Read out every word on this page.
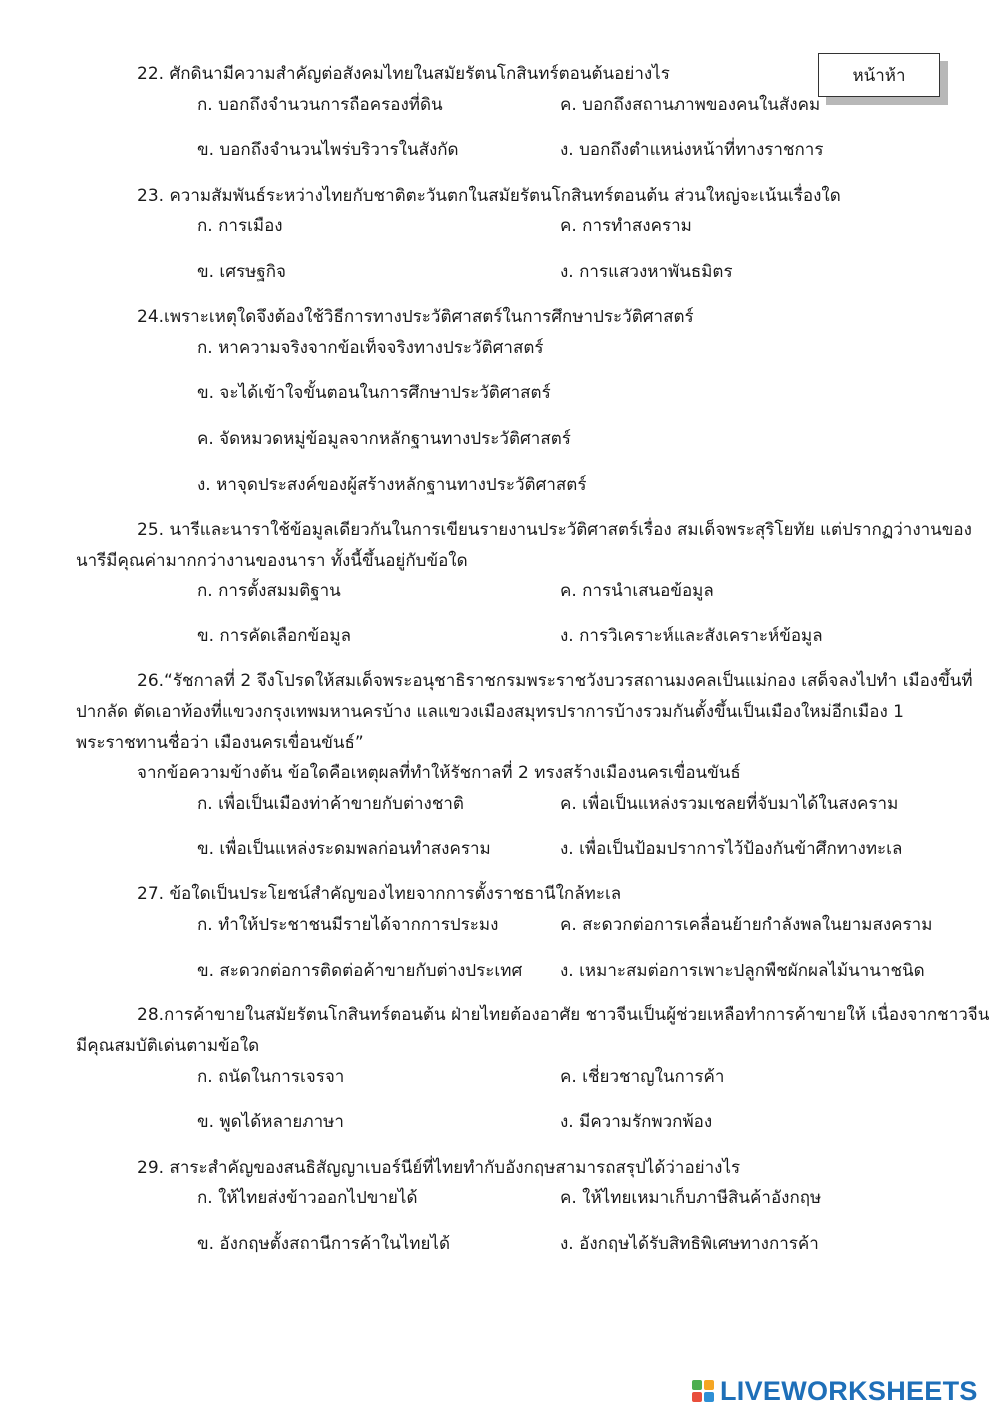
หน้าห้า
22. ศักดินามีความสำคัญต่อสังคมไทยในสมัยรัตนโกสินทร์ตอนต้นอย่างไร
ก. บอกถึงจำนวนการถือครองที่ดิน	ค. บอกถึงสถานภาพของคนในสังคม
ข. บอกถึงจำนวนไพร่บริวารในสังกัด	ง. บอกถึงตำแหน่งหน้าที่ทางราชการ
23. ความสัมพันธ์ระหว่างไทยกับชาติตะวันตกในสมัยรัตนโกสินทร์ตอนต้น ส่วนใหญ่จะเน้นเรื่องใด
ก. การเมือง	ค. การทำสงคราม
ข. เศรษฐกิจ	ง. การแสวงหาพันธมิตร
24.เพราะเหตุใดจึงต้องใช้วิธีการทางประวัติศาสตร์ในการศึกษาประวัติศาสตร์
ก. หาความจริงจากข้อเท็จจริงทางประวัติศาสตร์
ข. จะได้เข้าใจขั้นตอนในการศึกษาประวัติศาสตร์
ค. จัดหมวดหมู่ข้อมูลจากหลักฐานทางประวัติศาสตร์
ง. หาจุดประสงค์ของผู้สร้างหลักฐานทางประวัติศาสตร์
25. นารีและนาราใช้ข้อมูลเดียวกันในการเขียนรายงานประวัติศาสตร์เรื่อง สมเด็จพระสุริโยทัย แต่ปรากฏว่างานของ
นารีมีคุณค่ามากกว่างานของนารา ทั้งนี้ขึ้นอยู่กับข้อใด
ก. การตั้งสมมติฐาน	ค. การนำเสนอข้อมูล
ข. การคัดเลือกข้อมูล	ง. การวิเคราะห์และสังเคราะห์ข้อมูล
26.“รัชกาลที่ 2 จึงโปรดให้สมเด็จพระอนุชาธิราชกรมพระราชวังบวรสถานมงคลเป็นแม่กอง เสด็จลงไปทำ เมืองขึ้นที่
ปากลัด ตัดเอาท้องที่แขวงกรุงเทพมหานครบ้าง แลแขวงเมืองสมุทรปราการบ้างรวมกันตั้งขึ้นเป็นเมืองใหม่อีกเมือง 1
พระราชทานชื่อว่า เมืองนครเขื่อนขันธ์”
จากข้อความข้างต้น ข้อใดคือเหตุผลที่ทำให้รัชกาลที่ 2 ทรงสร้างเมืองนครเขื่อนขันธ์
ก. เพื่อเป็นเมืองท่าค้าขายกับต่างชาติ	ค. เพื่อเป็นแหล่งรวมเชลยที่จับมาได้ในสงคราม
ข. เพื่อเป็นแหล่งระดมพลก่อนทำสงคราม	ง. เพื่อเป็นป้อมปราการไว้ป้องกันข้าศึกทางทะเล
27. ข้อใดเป็นประโยชน์สำคัญของไทยจากการตั้งราชธานีใกล้ทะเล
ก. ทำให้ประชาชนมีรายได้จากการประมง	ค. สะดวกต่อการเคลื่อนย้ายกำลังพลในยามสงคราม
ข. สะดวกต่อการติดต่อค้าขายกับต่างประเทศ ง. เหมาะสมต่อการเพาะปลูกพืชผักผลไม้นานาชนิด
28.การค้าขายในสมัยรัตนโกสินทร์ตอนต้น ฝ่ายไทยต้องอาศัย ชาวจีนเป็นผู้ช่วยเหลือทำการค้าขายให้ เนื่องจากชาวจีน
มีคุณสมบัติเด่นตามข้อใด
ก. ถนัดในการเจรจา	ค. เชี่ยวชาญในการค้า
ข. พูดได้หลายภาษา	ง. มีความรักพวกพ้อง
29. สาระสำคัญของสนธิสัญญาเบอร์นีย์ที่ไทยทำกับอังกฤษสามารถสรุปได้ว่าอย่างไร
ก. ให้ไทยส่งข้าวออกไปขายได้	ค. ให้ไทยเหมาเก็บภาษีสินค้าอังกฤษ
ข. อังกฤษตั้งสถานีการค้าในไทยได้	ง. อังกฤษได้รับสิทธิพิเศษทางการค้า
LIVEWORKSHEETS
